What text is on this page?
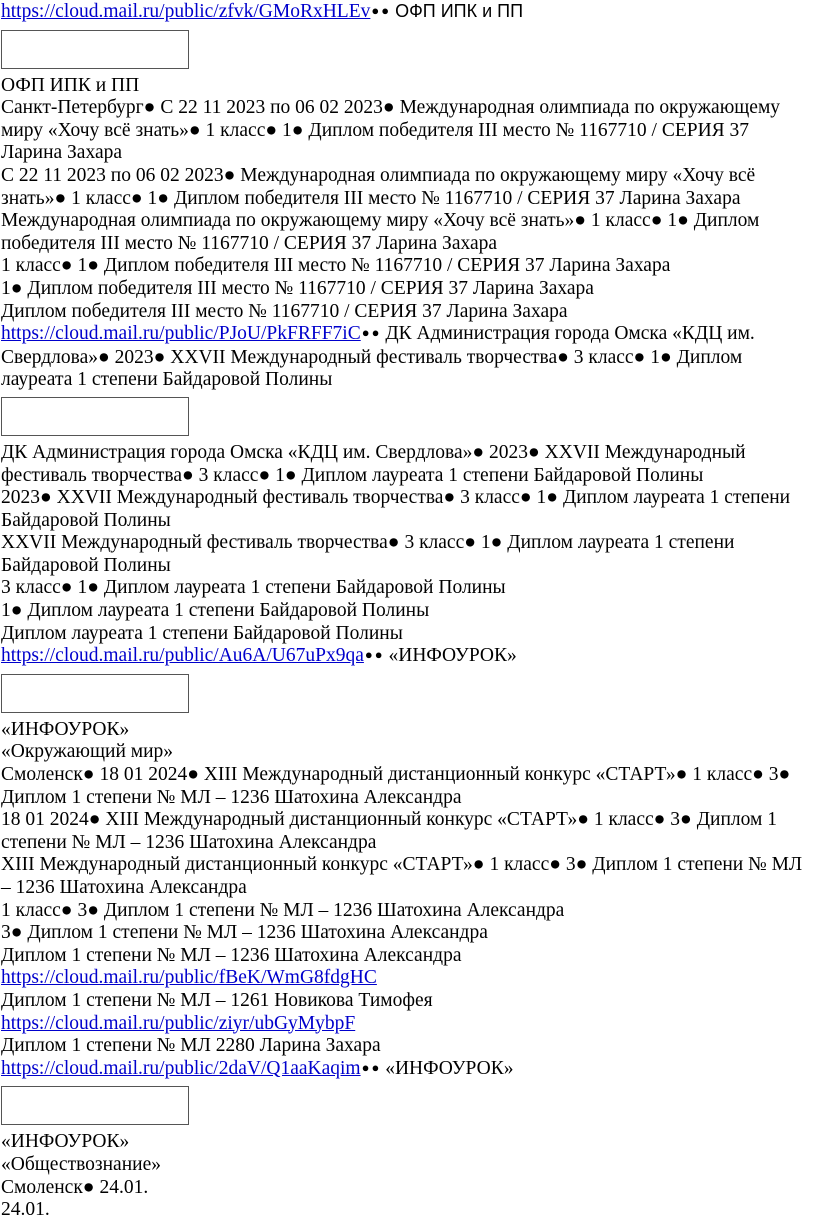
https://cloud.mail.ru/public/zfvk/GMoRxHLEv● ● ОФП ИПК и ПП

ОФП ИПК и ПП

Санкт-Петербург● С 22 11 2023 по 06 02 2023● Международная олимпиада по окружающему миру «Хочу всё знать»● 1 класс● 1● Диплом победителя III место № 1167710 / СЕРИЯ 37 Ларина Захара

С 22 11 2023 по 06 02 2023● Международная олимпиада по окружающему миру «Хочу всё знать»● 1 класс● 1● Диплом победителя III место № 1167710 / СЕРИЯ 37 Ларина Захара

Международная олимпиада по окружающему миру «Хочу всё знать»● 1 класс● 1● Диплом победителя III место № 1167710 / СЕРИЯ 37 Ларина Захара

1 класс● 1● Диплом победителя III место № 1167710 / СЕРИЯ 37 Ларина Захара

1● Диплом победителя III место № 1167710 / СЕРИЯ 37 Ларина Захара

Диплом победителя III место № 1167710 / СЕРИЯ 37 Ларина Захара

https://cloud.mail.ru/public/PJoU/PkFRFF7iC● ● ДК Администрация города Омска «КДЦ им. Свердлова»● 2023● XXVII Международный фестиваль творчества● 3 класс● 1● Диплом лауреата 1 степени Байдаровой Полины

ДК Администрация города Омска «КДЦ им. Свердлова»● 2023● XXVII Международный фестиваль творчества● 3 класс● 1● Диплом лауреата 1 степени Байдаровой Полины

2023● XXVII Международный фестиваль творчества● 3 класс● 1● Диплом лауреата 1 степени Байдаровой Полины

XXVII Международный фестиваль творчества● 3 класс● 1● Диплом лауреата 1 степени Байдаровой Полины

3 класс● 1● Диплом лауреата 1 степени Байдаровой Полины

1● Диплом лауреата 1 степени Байдаровой Полины

Диплом лауреата 1 степени Байдаровой Полины

https://cloud.mail.ru/public/Au6A/U67uPx9qa● ● «ИНФОУРОК»

«ИНФОУРОК»

«Окружающий мир»

Смоленск● 18 01 2024● XIII Международный дистанционный конкурс «СТАРТ»● 1 класс● 3● Диплом 1 степени № МЛ – 1236 Шатохина Александра

18 01 2024● XIII Международный дистанционный конкурс «СТАРТ»● 1 класс● 3● Диплом 1 степени № МЛ – 1236 Шатохина Александра

XIII Международный дистанционный конкурс «СТАРТ»● 1 класс● 3● Диплом 1 степени № МЛ – 1236 Шатохина Александра

1 класс● 3● Диплом 1 степени № МЛ – 1236 Шатохина Александра

3● Диплом 1 степени № МЛ – 1236 Шатохина Александра

Диплом 1 степени № МЛ – 1236 Шатохина Александра

https://cloud.mail.ru/public/fBeK/WmG8fdgHC

Диплом 1 степени № МЛ – 1261 Новикова Тимофея

https://cloud.mail.ru/public/ziyr/ubGyMybpF

Диплом 1 степени № МЛ 2280 Ларина Захара

https://cloud.mail.ru/public/2daV/Q1aaKaqim● ● «ИНФОУРОК»

«ИНФОУРОК»

«Обществознание»

Смоленск● 24.01.

24.01.
